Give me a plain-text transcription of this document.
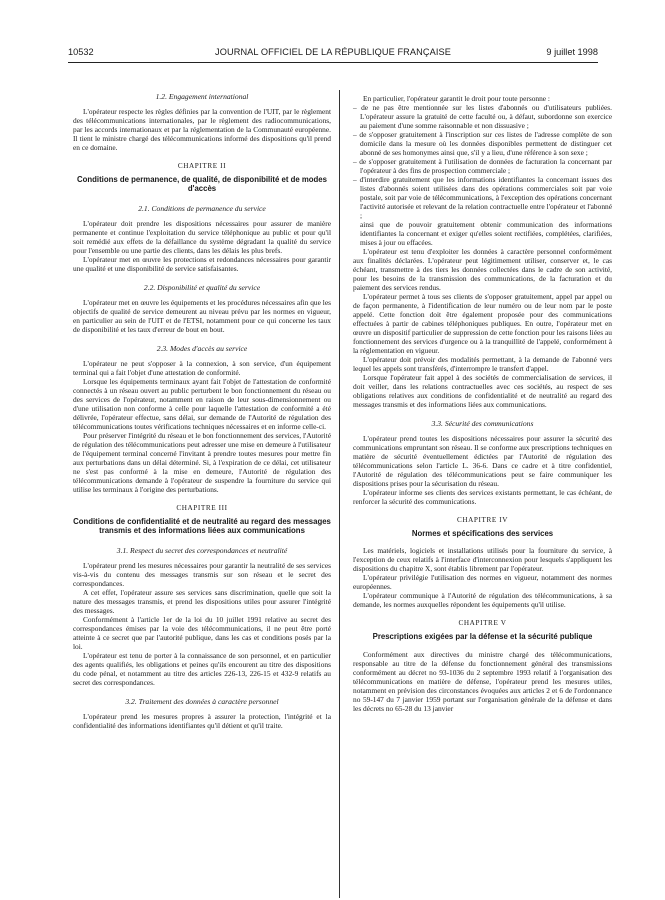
10532	JOURNAL OFFICIEL DE LA RÉPUBLIQUE FRANÇAISE	9 juillet 1998
1.2. Engagement international

L'opérateur respecte les règles définies par la convention de l'UIT, par le règlement des télécommunications internationales, par le règlement des radiocommunications, par les accords internationaux et par la réglementation de la Communauté européenne. Il tient le ministre chargé des télécommunications informé des dispositions qu'il prend en ce domaine.

CHAPITRE II
Conditions de permanence, de qualité, de disponibilité et de modes d'accès
2.1. Conditions de permanence du service

L'opérateur doit prendre les dispositions nécessaires pour assurer de manière permanente et continue l'exploitation du service téléphonique au public et pour qu'il soit remédié aux effets de la défaillance du système dégradant la qualité du service pour l'ensemble ou une partie des clients, dans les délais les plus brefs.

L'opérateur met en œuvre les protections et redondances nécessaires pour garantir une qualité et une disponibilité de service satisfaisantes.

2.2. Disponibilité et qualité du service

L'opérateur met en œuvre les équipements et les procédures nécessaires afin que les objectifs de qualité de service demeurent au niveau prévu par les normes en vigueur, en particulier au sein de l'UIT et de l'ETSI, notamment pour ce qui concerne les taux de disponibilité et les taux d'erreur de bout en bout.

2.3. Modes d'accès au service

L'opérateur ne peut s'opposer à la connexion, à son service, d'un équipement terminal qui a fait l'objet d'une attestation de conformité.

Lorsque les équipements terminaux ayant fait l'objet de l'attestation de conformité connectés à un réseau ouvert au public perturbent le bon fonctionnement du réseau ou des services de l'opérateur, notamment en raison de leur sous-dimensionnement ou d'une utilisation non conforme à celle pour laquelle l'attestation de conformité a été délivrée, l'opérateur effectue, sans délai, sur demande de l'Autorité de régulation des télécommunications toutes vérifications techniques nécessaires et en informe celle-ci.

Pour préserver l'intégrité du réseau et le bon fonctionnement des services, l'Autorité de régulation des télécommunications peut adresser une mise en demeure à l'utilisateur de l'équipement terminal concerné l'invitant à prendre toutes mesures pour mettre fin aux perturbations dans un délai déterminé. Si, à l'expiration de ce délai, cet utilisateur ne s'est pas conformé à la mise en demeure, l'Autorité de régulation des télécommunications demande à l'opérateur de suspendre la fourniture du service qui utilise les terminaux à l'origine des perturbations.

CHAPITRE III
Conditions de confidentialité et de neutralité au regard des messages transmis et des informations liées aux communications
3.1. Respect du secret des correspondances et neutralité

L'opérateur prend les mesures nécessaires pour garantir la neutralité de ses services vis-à-vis du contenu des messages transmis sur son réseau et le secret des correspondances.

A cet effet, l'opérateur assure ses services sans discrimination, quelle que soit la nature des messages transmis, et prend les dispositions utiles pour assurer l'intégrité des messages.

Conformément à l'article 1er de la loi du 10 juillet 1991 relative au secret des correspondances émises par la voie des télécommunications, il ne peut être porté atteinte à ce secret que par l'autorité publique, dans les cas et conditions posés par la loi.

L'opérateur est tenu de porter à la connaissance de son personnel, et en particulier des agents qualifiés, les obligations et peines qu'ils encourent au titre des dispositions du code pénal, et notamment au titre des articles 226-13, 226-15 et 432-9 relatifs au secret des correspondances.

3.2. Traitement des données à caractère personnel

L'opérateur prend les mesures propres à assurer la protection, l'intégrité et la confidentialité des informations identifiantes qu'il détient et qu'il traite.

En particulier, l'opérateur garantit le droit pour toute personne :

– de ne pas être mentionnée sur les listes d'abonnés ou d'utilisateurs publiées. L'opérateur assure la gratuité de cette faculté ou, à défaut, subordonne son exercice au paiement d'une somme raisonnable et non dissuasive ;
– de s'opposer gratuitement à l'inscription sur ces listes de l'adresse complète de son domicile dans la mesure où les données disponibles permettent de distinguer cet abonné de ses homonymes ainsi que, s'il y a lieu, d'une référence à son sexe ;
– de s'opposer gratuitement à l'utilisation de données de facturation la concernant par l'opérateur à des fins de prospection commerciale ;
– d'interdire gratuitement que les informations identifiantes la concernant issues des listes d'abonnés soient utilisées dans des opérations commerciales soit par voie postale, soit par voie de télécommunications, à l'exception des opérations concernant l'activité autorisée et relevant de la relation contractuelle entre l'opérateur et l'abonné ;

ainsi que de pouvoir gratuitement obtenir communication des informations identifiantes la concernant et exiger qu'elles soient rectifiées, complétées, clarifiées, mises à jour ou effacées.

L'opérateur est tenu d'exploiter les données à caractère personnel conformément aux finalités déclarées. L'opérateur peut légitimement utiliser, conserver et, le cas échéant, transmettre à des tiers les données collectées dans le cadre de son activité, pour les besoins de la transmission des communications, de la facturation et du paiement des services rendus.

L'opérateur permet à tous ses clients de s'opposer gratuitement, appel par appel ou de façon permanente, à l'identification de leur numéro ou de leur nom par le poste appelé. Cette fonction doit être également proposée pour des communications effectuées à partir de cabines téléphoniques publiques. En outre, l'opérateur met en œuvre un dispositif particulier de suppression de cette fonction pour les raisons liées au fonctionnement des services d'urgence ou à la tranquillité de l'appelé, conformément à la réglementation en vigueur.

L'opérateur doit prévoir des modalités permettant, à la demande de l'abonné vers lequel les appels sont transférés, d'interrompre le transfert d'appel.

Lorsque l'opérateur fait appel à des sociétés de commercialisation de services, il doit veiller, dans les relations contractuelles avec ces sociétés, au respect de ses obligations relatives aux conditions de confidentialité et de neutralité au regard des messages transmis et des informations liées aux communications.

3.3. Sécurité des communications

L'opérateur prend toutes les dispositions nécessaires pour assurer la sécurité des communications empruntant son réseau. Il se conforme aux prescriptions techniques en matière de sécurité éventuellement édictées par l'Autorité de régulation des télécommunications selon l'article L. 36-6. Dans ce cadre et à titre confidentiel, l'Autorité de régulation des télécommunications peut se faire communiquer les dispositions prises pour la sécurisation du réseau.

L'opérateur informe ses clients des services existants permettant, le cas échéant, de renforcer la sécurité des communications.

CHAPITRE IV
Normes et spécifications des services

Les matériels, logiciels et installations utilisés pour la fourniture du service, à l'exception de ceux relatifs à l'interface d'interconnexion pour lesquels s'appliquent les dispositions du chapitre X, sont établis librement par l'opérateur.

L'opérateur privilégie l'utilisation des normes en vigueur, notamment des normes européennes.

L'opérateur communique à l'Autorité de régulation des télécommunications, à sa demande, les normes auxquelles répondent les équipements qu'il utilise.

CHAPITRE V
Prescriptions exigées par la défense et la sécurité publique

Conformément aux directives du ministre chargé des télécommunications, responsable au titre de la défense du fonctionnement général des transmissions conformément au décret no 93-1036 du 2 septembre 1993 relatif à l'organisation des télécommunications en matière de défense, l'opérateur prend les mesures utiles, notamment en prévision des circonstances évoquées aux articles 2 et 6 de l'ordonnance no 59-147 du 7 janvier 1959 portant sur l'organisation générale de la défense et dans les décrets no 65-28 du 13 janvier
